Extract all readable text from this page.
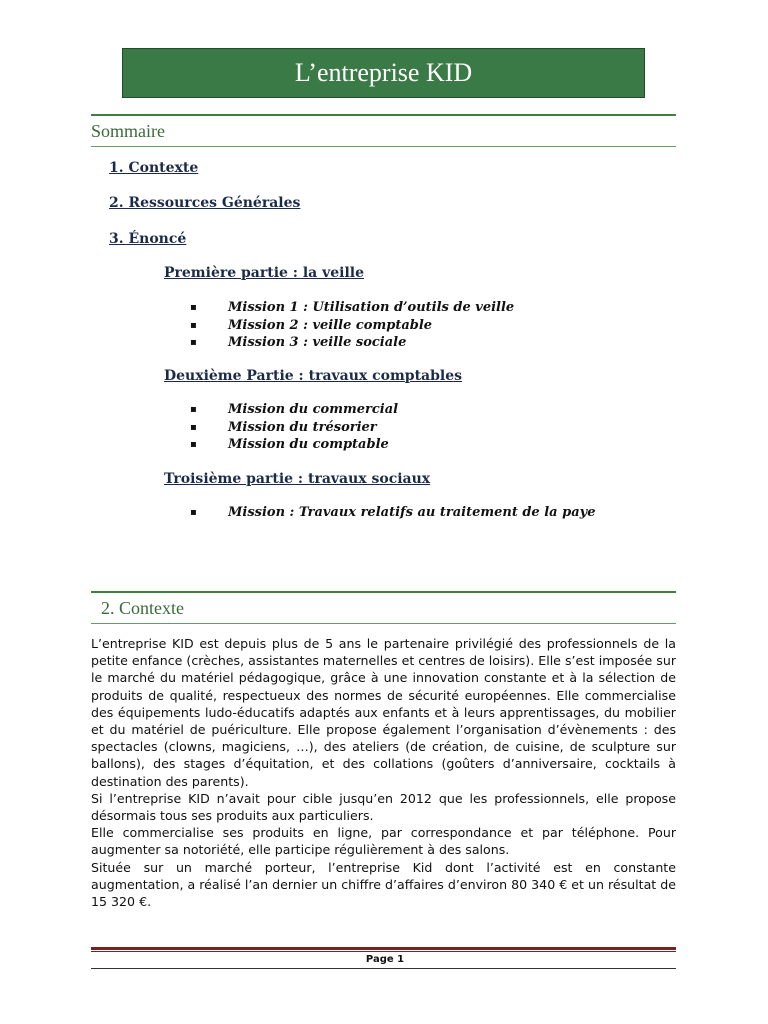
L’entreprise KID
Sommaire
1. Contexte
2. Ressources Générales
3. Énoncé
Première partie : la veille
▪ Mission 1 : Utilisation d’outils de veille
▪ Mission 2 : veille comptable
▪ Mission 3 : veille sociale
Deuxième Partie : travaux comptables
▪ Mission du commercial
▪ Mission du trésorier
▪ Mission du comptable
Troisième partie : travaux sociaux
▪ Mission : Travaux relatifs au traitement de la paye
2. Contexte

L’entreprise KID est depuis plus de 5 ans le partenaire privilégié des professionnels de la petite enfance (crèches, assistantes maternelles et centres de loisirs). Elle s’est imposée sur le marché du matériel pédagogique, grâce à une innovation constante et à la sélection de produits de qualité, respectueux des normes de sécurité européennes. Elle commercialise des équipements ludo-éducatifs adaptés aux enfants et à leurs apprentissages, du mobilier et du matériel de puériculture. Elle propose également l’organisation d’évènements : des spectacles (clowns, magiciens, …), des ateliers (de création, de cuisine, de sculpture sur ballons), des stages d’équitation, et des collations (goûters d’anniversaire, cocktails à destination des parents).

Si l’entreprise KID n’avait pour cible jusqu’en 2012 que les professionnels, elle propose désormais tous ses produits aux particuliers.

Elle commercialise ses produits en ligne, par correspondance et par téléphone. Pour augmenter sa notoriété, elle participe régulièrement à des salons.

Située sur un marché porteur, l’entreprise Kid dont l’activité est en constante augmentation, a réalisé l’an dernier un chiffre d’affaires d’environ 80 340 € et un résultat de 15 320 €.

Page 1
